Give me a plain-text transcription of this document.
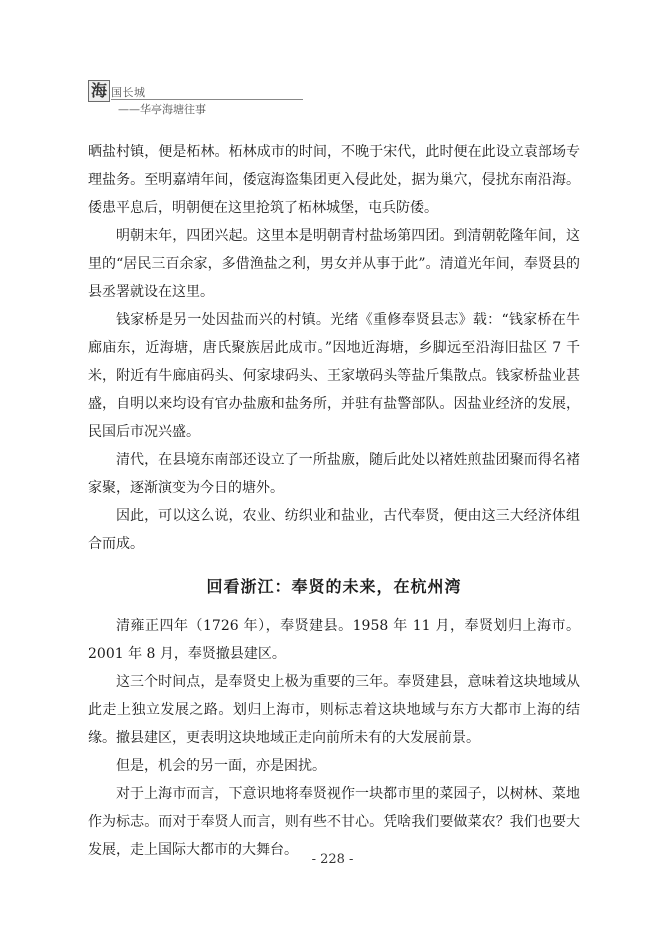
海 国长城
——华亭海塘往事

晒盐村镇，便是柘林。柘林成市的时间，不晚于宋代，此时便在此设立袁部场专理盐务。至明嘉靖年间，倭寇海盗集团更入侵此处，据为巢穴，侵扰东南沿海。倭患平息后，明朝便在这里抢筑了柘林城堡，屯兵防倭。

明朝末年，四团兴起。这里本是明朝青村盐场第四团。到清朝乾隆年间，这里的“居民三百余家，多借渔盐之利，男女并从事于此”。清道光年间，奉贤县的县丞署就设在这里。

钱家桥是另一处因盐而兴的村镇。光绪《重修奉贤县志》载：“钱家桥在牛廊庙东，近海塘，唐氏聚族居此成市。”因地近海塘，乡脚远至沿海旧盐区 7 千米，附近有牛廊庙码头、何家埭码头、王家墩码头等盐斤集散点。钱家桥盐业甚盛，自明以来均设有官办盐廒和盐务所，并驻有盐警部队。因盐业经济的发展，民国后市况兴盛。

清代，在县境东南部还设立了一所盐廒，随后此处以褚姓煎盐团聚而得名褚家聚，逐渐演变为今日的塘外。

因此，可以这么说，农业、纺织业和盐业，古代奉贤，便由这三大经济体组合而成。

回看浙江：奉贤的未来，在杭州湾

清雍正四年（1726 年），奉贤建县。1958 年 11 月，奉贤划归上海市。2001 年 8 月，奉贤撤县建区。

这三个时间点，是奉贤史上极为重要的三年。奉贤建县，意味着这块地域从此走上独立发展之路。划归上海市，则标志着这块地域与东方大都市上海的结缘。撤县建区，更表明这块地域正走向前所未有的大发展前景。

但是，机会的另一面，亦是困扰。

对于上海市而言，下意识地将奉贤视作一块都市里的菜园子，以树林、菜地作为标志。而对于奉贤人而言，则有些不甘心。凭啥我们要做菜农？我们也要大发展，走上国际大都市的大舞台。

- 228 -
